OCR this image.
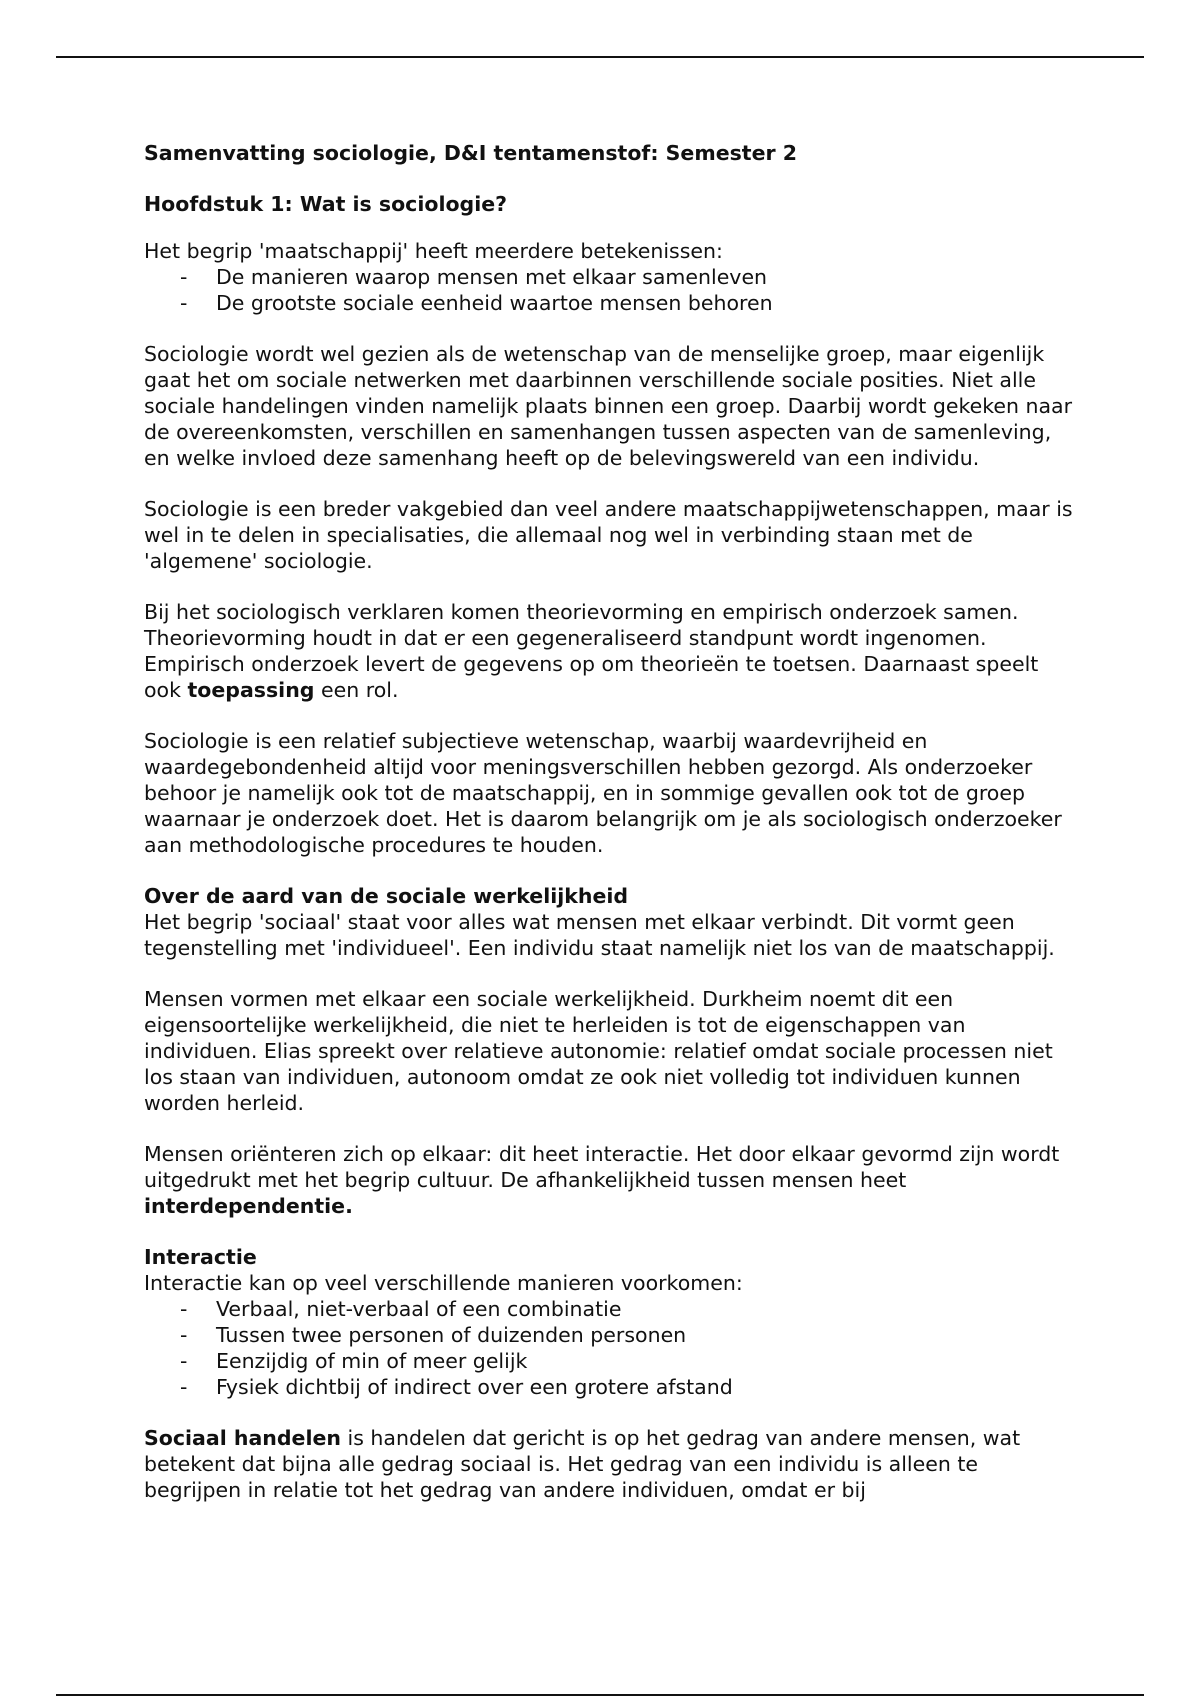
Samenvatting sociologie, D&I tentamenstof: Semester 2

Hoofdstuk 1: Wat is sociologie?

Het begrip 'maatschappij' heeft meerdere betekenissen:

- De manieren waarop mensen met elkaar samenleven
- De grootste sociale eenheid waartoe mensen behoren

Sociologie wordt wel gezien als de wetenschap van de menselijke groep, maar eigenlijk gaat het om sociale netwerken met daarbinnen verschillende sociale posities. Niet alle sociale handelingen vinden namelijk plaats binnen een groep. Daarbij wordt gekeken naar de overeenkomsten, verschillen en samenhangen tussen aspecten van de samenleving, en welke invloed deze samenhang heeft op de belevingswereld van een individu.

Sociologie is een breder vakgebied dan veel andere maatschappijwetenschappen, maar is wel in te delen in specialisaties, die allemaal nog wel in verbinding staan met de 'algemene' sociologie.

Bij het sociologisch verklaren komen theorievorming en empirisch onderzoek samen. Theorievorming houdt in dat er een gegeneraliseerd standpunt wordt ingenomen. Empirisch onderzoek levert de gegevens op om theorieën te toetsen. Daarnaast speelt ook toepassing een rol.

Sociologie is een relatief subjectieve wetenschap, waarbij waardevrijheid en waardegebondenheid altijd voor meningsverschillen hebben gezorgd. Als onderzoeker behoor je namelijk ook tot de maatschappij, en in sommige gevallen ook tot de groep waarnaar je onderzoek doet. Het is daarom belangrijk om je als sociologisch onderzoeker aan methodologische procedures te houden.

Over de aard van de sociale werkelijkheid

Het begrip 'sociaal' staat voor alles wat mensen met elkaar verbindt. Dit vormt geen tegenstelling met 'individueel'. Een individu staat namelijk niet los van de maatschappij.

Mensen vormen met elkaar een sociale werkelijkheid. Durkheim noemt dit een eigensoortelijke werkelijkheid, die niet te herleiden is tot de eigenschappen van individuen. Elias spreekt over relatieve autonomie: relatief omdat sociale processen niet los staan van individuen, autonoom omdat ze ook niet volledig tot individuen kunnen worden herleid.

Mensen oriënteren zich op elkaar: dit heet interactie. Het door elkaar gevormd zijn wordt uitgedrukt met het begrip cultuur. De afhankelijkheid tussen mensen heet interdependentie.

Interactie

Interactie kan op veel verschillende manieren voorkomen:

- Verbaal, niet-verbaal of een combinatie
- Tussen twee personen of duizenden personen
- Eenzijdig of min of meer gelijk
- Fysiek dichtbij of indirect over een grotere afstand

Sociaal handelen is handelen dat gericht is op het gedrag van andere mensen, wat betekent dat bijna alle gedrag sociaal is. Het gedrag van een individu is alleen te begrijpen in relatie tot het gedrag van andere individuen, omdat er bij
